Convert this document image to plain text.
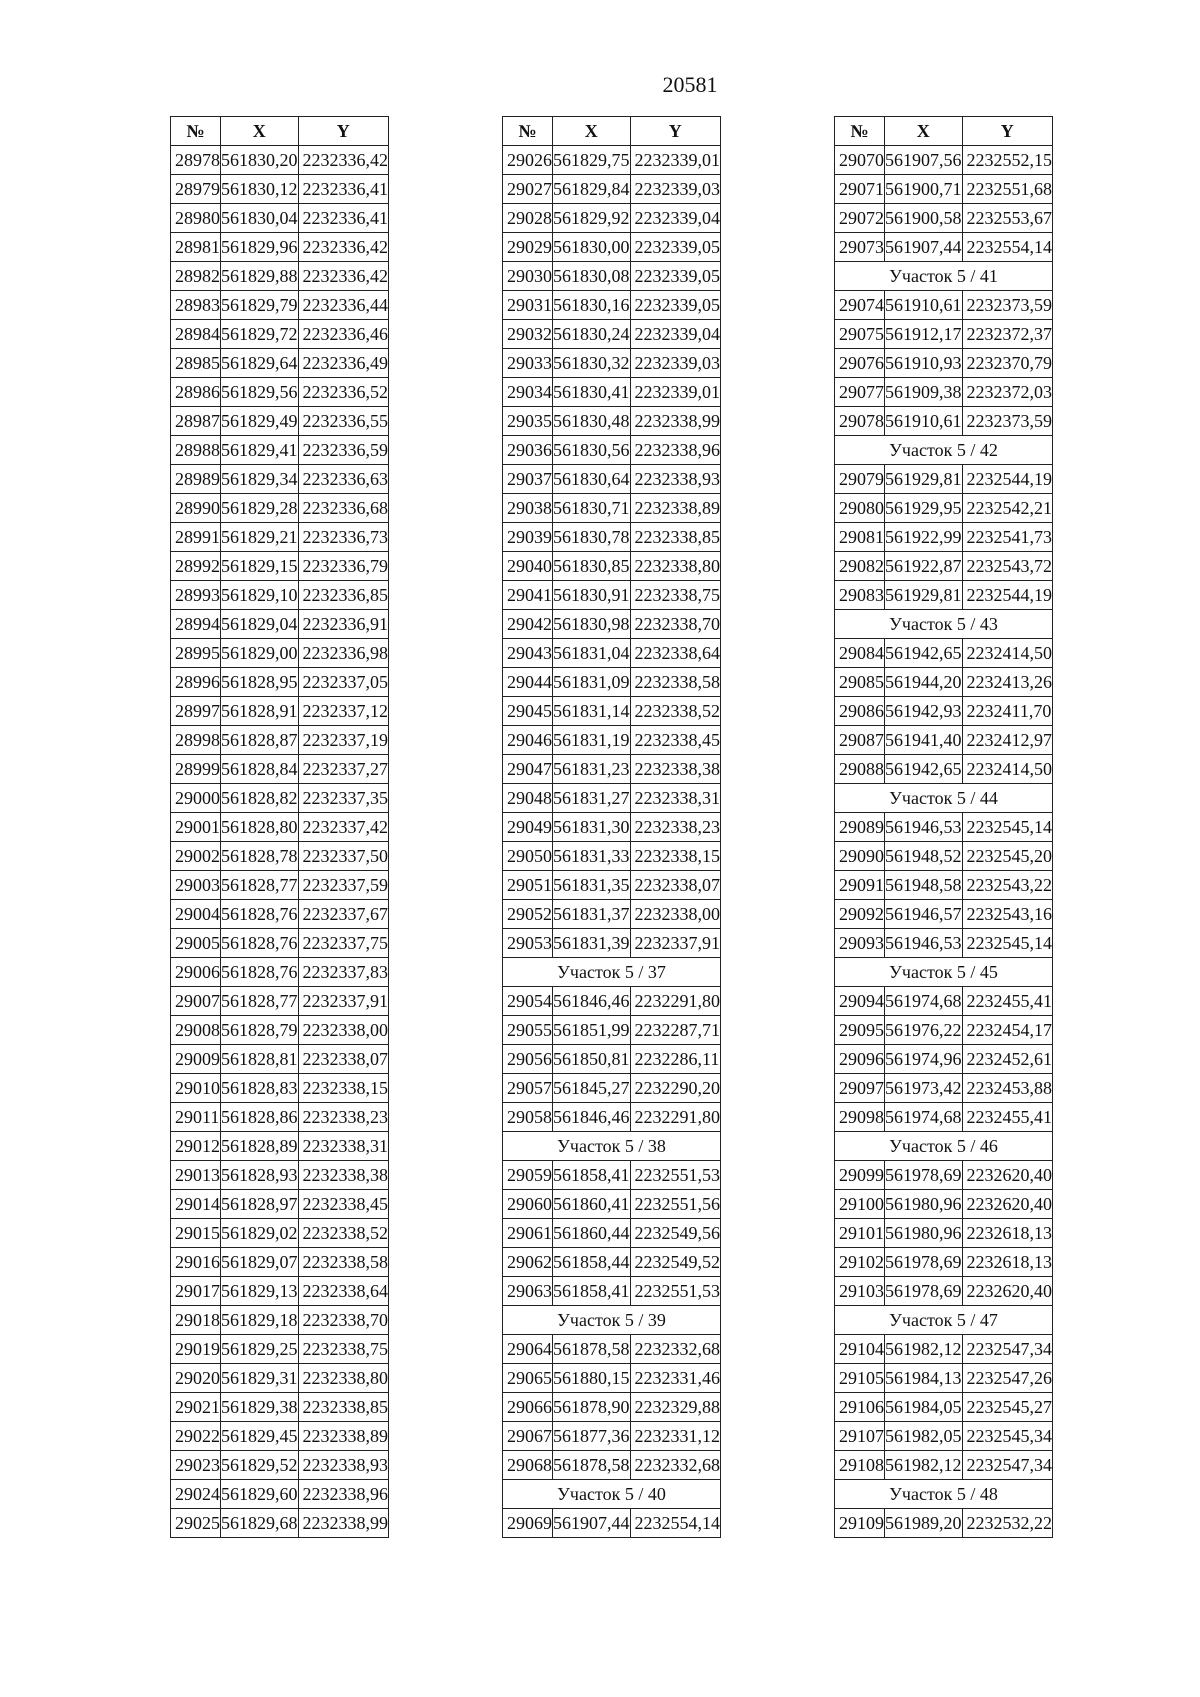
20581
№	X	Y
28978	561830,20	2232336,42
28979	561830,12	2232336,41
28980	561830,04	2232336,41
28981	561829,96	2232336,42
28982	561829,88	2232336,42
28983	561829,79	2232336,44
28984	561829,72	2232336,46
28985	561829,64	2232336,49
28986	561829,56	2232336,52
28987	561829,49	2232336,55
28988	561829,41	2232336,59
28989	561829,34	2232336,63
28990	561829,28	2232336,68
28991	561829,21	2232336,73
28992	561829,15	2232336,79
28993	561829,10	2232336,85
28994	561829,04	2232336,91
28995	561829,00	2232336,98
28996	561828,95	2232337,05
28997	561828,91	2232337,12
28998	561828,87	2232337,19
28999	561828,84	2232337,27
29000	561828,82	2232337,35
29001	561828,80	2232337,42
29002	561828,78	2232337,50
29003	561828,77	2232337,59
29004	561828,76	2232337,67
29005	561828,76	2232337,75
29006	561828,76	2232337,83
29007	561828,77	2232337,91
29008	561828,79	2232338,00
29009	561828,81	2232338,07
29010	561828,83	2232338,15
29011	561828,86	2232338,23
29012	561828,89	2232338,31
29013	561828,93	2232338,38
29014	561828,97	2232338,45
29015	561829,02	2232338,52
29016	561829,07	2232338,58
29017	561829,13	2232338,64
29018	561829,18	2232338,70
29019	561829,25	2232338,75
29020	561829,31	2232338,80
29021	561829,38	2232338,85
29022	561829,45	2232338,89
29023	561829,52	2232338,93
29024	561829,60	2232338,96
29025	561829,68	2232338,99
№	X	Y
29026	561829,75	2232339,01
29027	561829,84	2232339,03
29028	561829,92	2232339,04
29029	561830,00	2232339,05
29030	561830,08	2232339,05
29031	561830,16	2232339,05
29032	561830,24	2232339,04
29033	561830,32	2232339,03
29034	561830,41	2232339,01
29035	561830,48	2232338,99
29036	561830,56	2232338,96
29037	561830,64	2232338,93
29038	561830,71	2232338,89
29039	561830,78	2232338,85
29040	561830,85	2232338,80
29041	561830,91	2232338,75
29042	561830,98	2232338,70
29043	561831,04	2232338,64
29044	561831,09	2232338,58
29045	561831,14	2232338,52
29046	561831,19	2232338,45
29047	561831,23	2232338,38
29048	561831,27	2232338,31
29049	561831,30	2232338,23
29050	561831,33	2232338,15
29051	561831,35	2232338,07
29052	561831,37	2232338,00
29053	561831,39	2232337,91
Участок 5 / 37		
29054	561846,46	2232291,80
29055	561851,99	2232287,71
29056	561850,81	2232286,11
29057	561845,27	2232290,20
29058	561846,46	2232291,80
Участок 5 / 38		
29059	561858,41	2232551,53
29060	561860,41	2232551,56
29061	561860,44	2232549,56
29062	561858,44	2232549,52
29063	561858,41	2232551,53
Участок 5 / 39		
29064	561878,58	2232332,68
29065	561880,15	2232331,46
29066	561878,90	2232329,88
29067	561877,36	2232331,12
29068	561878,58	2232332,68
Участок 5 / 40		
29069	561907,44	2232554,14
№	X	Y
29070	561907,56	2232552,15
29071	561900,71	2232551,68
29072	561900,58	2232553,67
29073	561907,44	2232554,14
Участок 5 / 41		
29074	561910,61	2232373,59
29075	561912,17	2232372,37
29076	561910,93	2232370,79
29077	561909,38	2232372,03
29078	561910,61	2232373,59
Участок 5 / 42		
29079	561929,81	2232544,19
29080	561929,95	2232542,21
29081	561922,99	2232541,73
29082	561922,87	2232543,72
29083	561929,81	2232544,19
Участок 5 / 43		
29084	561942,65	2232414,50
29085	561944,20	2232413,26
29086	561942,93	2232411,70
29087	561941,40	2232412,97
29088	561942,65	2232414,50
Участок 5 / 44		
29089	561946,53	2232545,14
29090	561948,52	2232545,20
29091	561948,58	2232543,22
29092	561946,57	2232543,16
29093	561946,53	2232545,14
Участок 5 / 45		
29094	561974,68	2232455,41
29095	561976,22	2232454,17
29096	561974,96	2232452,61
29097	561973,42	2232453,88
29098	561974,68	2232455,41
Участок 5 / 46		
29099	561978,69	2232620,40
29100	561980,96	2232620,40
29101	561980,96	2232618,13
29102	561978,69	2232618,13
29103	561978,69	2232620,40
Участок 5 / 47		
29104	561982,12	2232547,34
29105	561984,13	2232547,26
29106	561984,05	2232545,27
29107	561982,05	2232545,34
29108	561982,12	2232547,34
Участок 5 / 48		
29109	561989,20	2232532,22
